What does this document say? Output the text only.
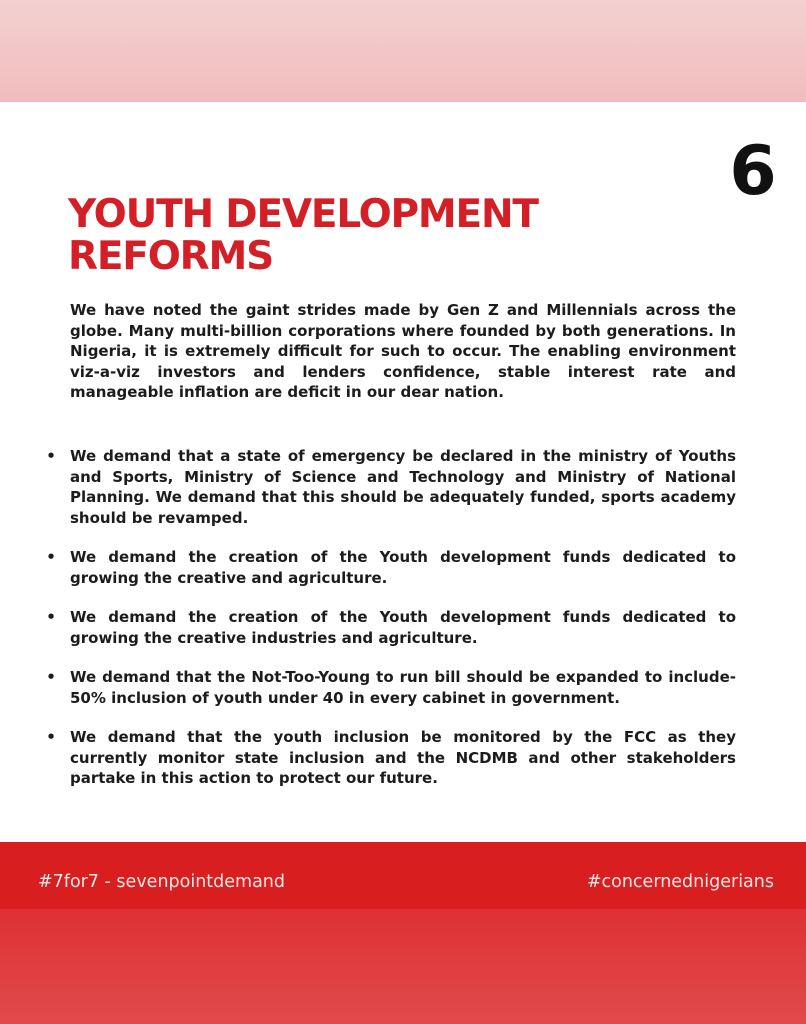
6
YOUTH DEVELOPMENT REFORMS

We have noted the gaint strides made by Gen Z and Millennials across the globe. Many multi-billion corporations where founded by both generations. In Nigeria, it is extremely difficult for such to occur. The enabling environment viz-a-viz investors and lenders confidence, stable interest rate and manageable inflation are deficit in our dear nation.

• We demand that a state of emergency be declared in the ministry of Youths and Sports, Ministry of Science and Technology and Ministry of National Planning. We demand that this should be adequately funded, sports academy should be revamped.
• We demand the creation of the Youth development funds dedicated to growing the creative and agriculture.
• We demand the creation of the Youth development funds dedicated to growing the creative industries and agriculture.
• We demand that the Not-Too-Young to run bill should be expanded to include-50% inclusion of youth under 40 in every cabinet in government.
• We demand that the youth inclusion be monitored by the FCC as they currently monitor state inclusion and the NCDMB and other stakeholders partake in this action to protect our future.
#7for7 - sevenpointdemand	#concernednigerians
